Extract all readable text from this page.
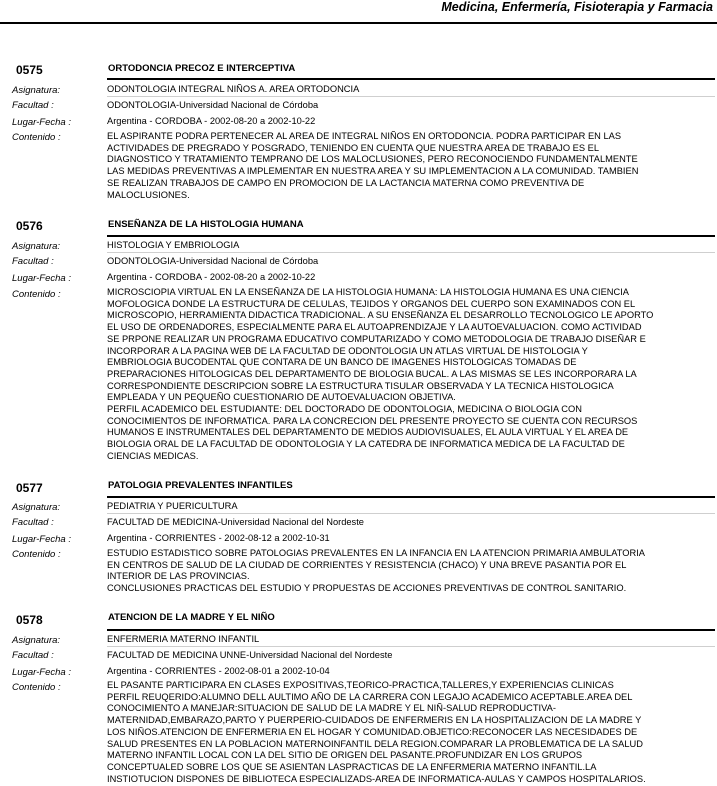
Medicina, Enfermería, Fisioterapia y Farmacia
0575	ORTODONCIA PRECOZ E INTERCEPTIVA
Asignatura:	ODONTOLOGIA INTEGRAL NIÑOS A. AREA ORTODONCIA
Facultad :	ODONTOLOGIA-Universidad Nacional de Córdoba
Lugar-Fecha :	Argentina - CORDOBA - 2002-08-20 a 2002-10-22
Contenido :	EL ASPIRANTE PODRA PERTENECER AL AREA DE INTEGRAL NIÑOS EN ORTODONCIA. PODRA PARTICIPAR EN LAS
ACTIVIDADES DE PREGRADO Y POSGRADO, TENIENDO EN CUENTA QUE NUESTRA AREA DE TRABAJO ES EL
DIAGNOSTICO Y TRATAMIENTO TEMPRANO DE LOS MALOCLUSIONES, PERO RECONOCIENDO FUNDAMENTALMENTE
LAS MEDIDAS PREVENTIVAS A IMPLEMENTAR EN NUESTRA AREA Y SU IMPLEMENTACION A LA COMUNIDAD. TAMBIEN
SE REALIZAN TRABAJOS DE CAMPO EN PROMOCION DE LA LACTANCIA MATERNA COMO PREVENTIVA DE
MALOCLUSIONES.
0576	ENSEÑANZA DE LA HISTOLOGIA HUMANA
Asignatura:	HISTOLOGIA Y EMBRIOLOGIA
Facultad :	ODONTOLOGIA-Universidad Nacional de Córdoba
Lugar-Fecha :	Argentina - CORDOBA - 2002-08-20 a 2002-10-22
Contenido :	MICROSCIOPIA VIRTUAL EN LA ENSEÑANZA DE LA HISTOLOGIA HUMANA: LA HISTOLOGIA HUMANA ES UNA CIENCIA
MOFOLOGICA DONDE LA ESTRUCTURA DE CELULAS, TEJIDOS Y ORGANOS DEL CUERPO SON EXAMINADOS CON EL
MICROSCOPIO, HERRAMIENTA DIDACTICA TRADICIONAL. A SU ENSEÑANZA EL DESARROLLO TECNOLOGICO LE APORTO
EL USO DE ORDENADORES, ESPECIALMENTE PARA EL AUTOAPRENDIZAJE Y LA AUTOEVALUACION. COMO ACTIVIDAD
SE PRPONE REALIZAR UN PROGRAMA EDUCATIVO COMPUTARIZADO Y COMO METODOLOGIA DE TRABAJO DISEÑAR E
INCORPORAR A LA PAGINA WEB DE LA FACULTAD DE ODONTOLOGIA UN ATLAS VIRTUAL DE HISTOLOGIA Y
EMBRIOLOGIA BUCODENTAL QUE CONTARA DE UN BANCO DE IMAGENES HISTOLOGICAS TOMADAS DE
PREPARACIONES HITOLOGICAS DEL DEPARTAMENTO DE BIOLOGIA BUCAL. A LAS MISMAS SE LES INCORPORARA LA
CORRESPONDIENTE DESCRIPCION SOBRE LA ESTRUCTURA TISULAR OBSERVADA Y LA TECNICA HISTOLOGICA
EMPLEADA Y UN PEQUEÑO CUESTIONARIO DE AUTOEVALUACION OBJETIVA.
PERFIL ACADEMICO DEL ESTUDIANTE: DEL DOCTORADO DE ODONTOLOGIA, MEDICINA O BIOLOGIA CON
CONOCIMIENTOS DE INFORMATICA. PARA LA CONCRECION DEL PRESENTE PROYECTO SE CUENTA CON RECURSOS
HUMANOS E INSTRUMENTALES DEL DEPARTAMENTO DE MEDIOS AUDIOVISUALES, EL AULA VIRTUAL Y EL AREA DE
BIOLOGIA ORAL DE LA FACULTAD DE ODONTOLOGIA Y LA CATEDRA DE INFORMATICA MEDICA DE LA FACULTAD DE
CIENCIAS MEDICAS.
0577	PATOLOGIA PREVALENTES INFANTILES
Asignatura:	PEDIATRIA Y PUERICULTURA
Facultad :	FACULTAD DE MEDICINA-Universidad Nacional del Nordeste
Lugar-Fecha :	Argentina - CORRIENTES - 2002-08-12 a 2002-10-31
Contenido :	ESTUDIO ESTADISTICO SOBRE PATOLOGIAS PREVALENTES EN LA INFANCIA EN LA ATENCION PRIMARIA AMBULATORIA
EN CENTROS DE SALUD DE LA CIUDAD DE CORRIENTES Y RESISTENCIA (CHACO) Y UNA BREVE PASANTIA POR EL
INTERIOR DE LAS PROVINCIAS.
CONCLUSIONES PRACTICAS DEL ESTUDIO Y PROPUESTAS DE ACCIONES PREVENTIVAS DE CONTROL SANITARIO.
0578	ATENCION DE LA MADRE Y EL NIÑO
Asignatura:	ENFERMERIA MATERNO INFANTIL
Facultad :	FACULTAD DE MEDICINA UNNE-Universidad Nacional del Nordeste
Lugar-Fecha :	Argentina - CORRIENTES - 2002-08-01 a 2002-10-04
Contenido :	EL PASANTE PARTICIPARA EN CLASES EXPOSITIVAS,TEORICO-PRACTICA,TALLERES,Y EXPERIENCIAS CLINICAS
PERFIL REUQERIDO:ALUMNO DELL AULTIMO AÑO DE LA CARRERA CON LEGAJO ACADEMICO ACEPTABLE.AREA DEL
CONOCIMIENTO A MANEJAR:SITUACION DE SALUD DE LA MADRE Y EL NIÑ-SALUD REPRODUCTIVA-
MATERNIDAD,EMBARAZO,PARTO Y PUERPERIO-CUIDADOS DE ENFERMERIS EN LA HOSPITALIZACION DE LA MADRE Y
LOS NIÑOS.ATENCION DE ENFERMERIA EN EL HOGAR Y COMUNIDAD.OBJETICO:RECONOCER LAS NECESIDADES DE
SALUD PRESENTES EN LA POBLACION MATERNOINFANTIL DELA REGION.COMPARAR LA PROBLEMATICA DE LA SALUD
MATERNO INFANTIL LOCAL CON LA DEL SITIO DE ORIGEN DEL PASANTE.PROFUNDIZAR EN LOS GRUPOS
CONCEPTUALED SOBRE LOS QUE SE ASIENTAN LASPRACTICAS DE LA ENFERMERIA MATERNO INFANTIL.LA
INSTIOTUCION DISPONES DE BIBLIOTECA ESPECIALIZADS-AREA DE INFORMATICA-AULAS Y CAMPOS HOSPITALARIOS.
